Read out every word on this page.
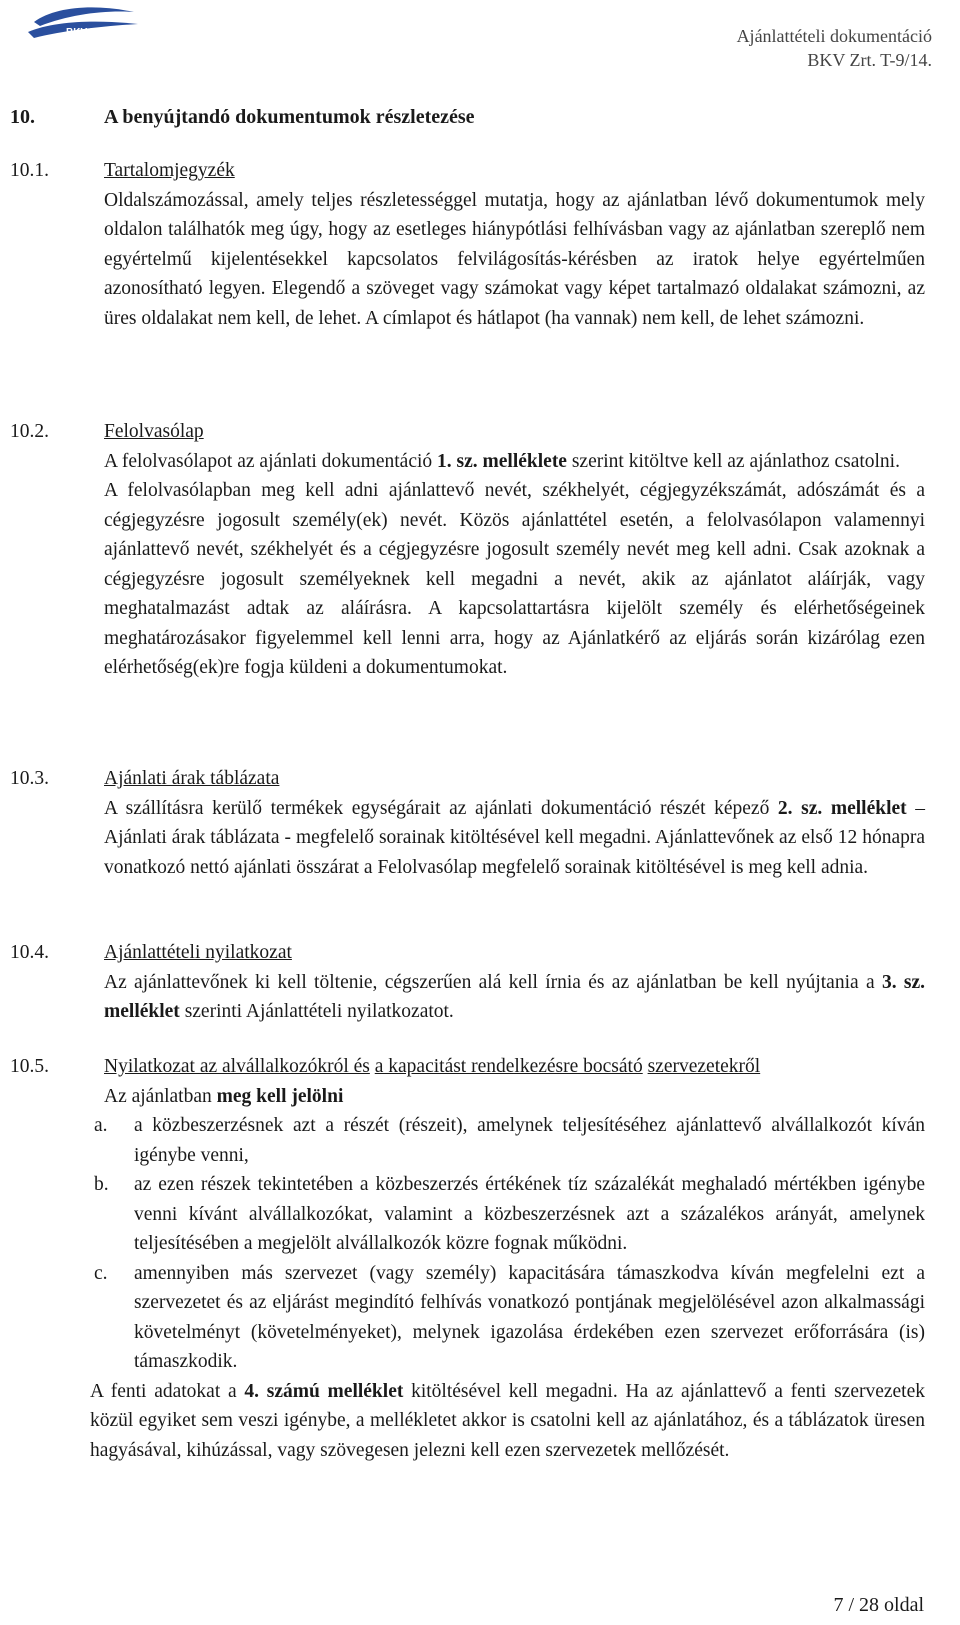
BKV ZRT	Ajánlattételi dokumentáció
BKV Zrt. T-9/14.
10.	A benyújtandó dokumentumok részletezése
10.1.	Tartalomjegyzék

Oldalszámozással, amely teljes részletességgel mutatja, hogy az ajánlatban lévő dokumentumok mely oldalon találhatók meg úgy, hogy az esetleges hiánypótlási felhívásban vagy az ajánlatban szereplő nem egyértelmű kijelentésekkel kapcsolatos felvilágosítás-kérésben az iratok helye egyértelműen azonosítható legyen. Elegendő a szöveget vagy számokat vagy képet tartalmazó oldalakat számozni, az üres oldalakat nem kell, de lehet. A címlapot és hátlapot (ha vannak) nem kell, de lehet számozni.

10.2.	Felolvasólap

A felolvasólapot az ajánlati dokumentáció 1. sz. melléklete szerint kitöltve kell az ajánlathoz csatolni.

A felolvasólapban meg kell adni ajánlattevő nevét, székhelyét, cégjegyzékszámát, adószámát és a cégjegyzésre jogosult személy(ek) nevét. Közös ajánlattétel esetén, a felolvasólapon valamennyi ajánlattevő nevét, székhelyét és a cégjegyzésre jogosult személy nevét meg kell adni. Csak azoknak a cégjegyzésre jogosult személyeknek kell megadni a nevét, akik az ajánlatot aláírják, vagy meghatalmazást adtak az aláírásra. A kapcsolattartásra kijelölt személy és elérhetőségeinek meghatározásakor figyelemmel kell lenni arra, hogy az Ajánlatkérő az eljárás során kizárólag ezen elérhetőség(ek)re fogja küldeni a dokumentumokat.

10.3.	Ajánlati árak táblázata

A szállításra kerülő termékek egységárait az ajánlati dokumentáció részét képező 2. sz. melléklet – Ajánlati árak táblázata - megfelelő sorainak kitöltésével kell megadni. Ajánlattevőnek az első 12 hónapra vonatkozó nettó ajánlati összárat a Felolvasólap megfelelő sorainak kitöltésével is meg kell adnia.

10.4.	Ajánlattételi nyilatkozat

Az ajánlattevőnek ki kell töltenie, cégszerűen alá kell írnia és az ajánlatban be kell nyújtania a 3. sz. melléklet szerinti Ajánlattételi nyilatkozatot.

10.5.	Nyilatkozat az alvállalkozókról és a kapacitást rendelkezésre bocsátó szervezetekről

Az ajánlatban meg kell jelölni

a. a közbeszerzésnek azt a részét (részeit), amelynek teljesítéséhez ajánlattevő alvállalkozót kíván igénybe venni,
b. az ezen részek tekintetében a közbeszerzés értékének tíz százalékát meghaladó mértékben igénybe venni kívánt alvállalkozókat, valamint a közbeszerzésnek azt a százalékos arányát, amelynek teljesítésében a megjelölt alvállalkozók közre fognak működni.
c. amennyiben más szervezet (vagy személy) kapacitására támaszkodva kíván megfelelni ezt a szervezetet és az eljárást megindító felhívás vonatkozó pontjának megjelölésével azon alkalmassági követelményt (követelményeket), melynek igazolása érdekében ezen szervezet erőforrására (is) támaszkodik.

A fenti adatokat a 4. számú melléklet kitöltésével kell megadni. Ha az ajánlattevő a fenti szervezetek közül egyiket sem veszi igénybe, a mellékletet akkor is csatolni kell az ajánlatához, és a táblázatok üresen hagyásával, kihúzással, vagy szövegesen jelezni kell ezen szervezetek mellőzését.

7 / 28 oldal
